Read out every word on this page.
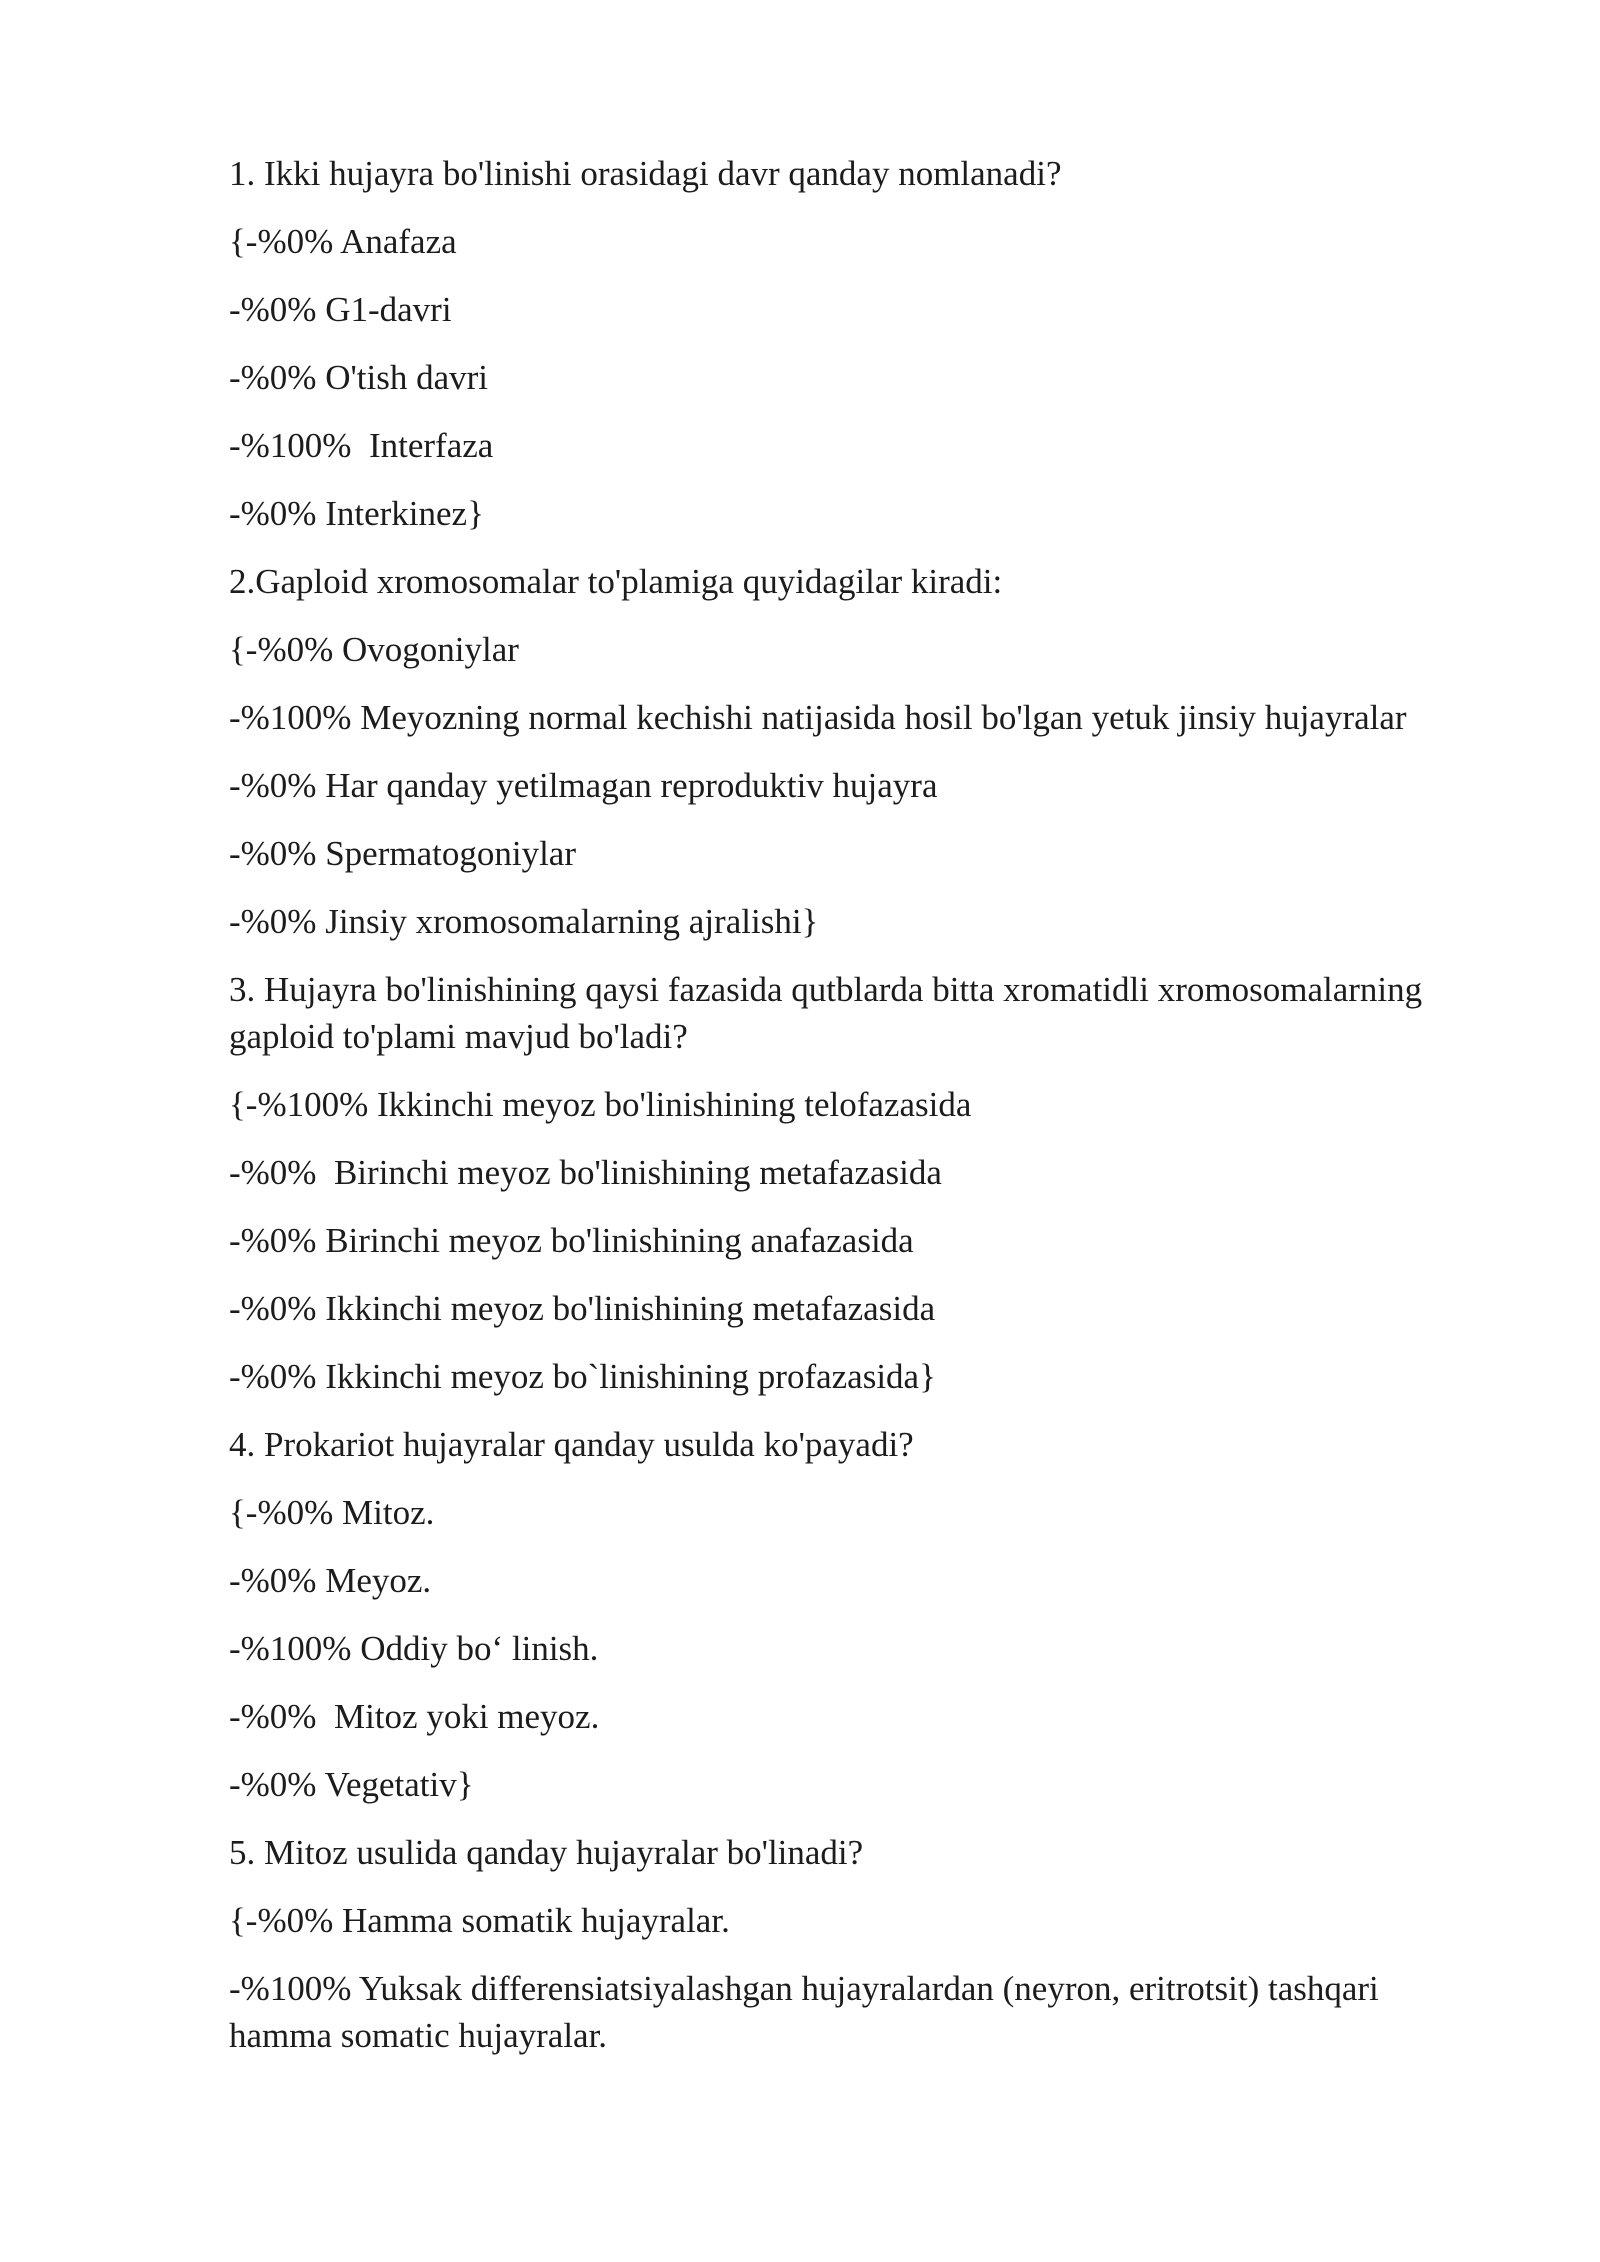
1. Ikki hujayra bo'linishi orasidagi davr qanday nomlanadi?

{-%0% Anafaza

-%0% G1-davri

-%0% O'tish davri

-%100%  Interfaza

-%0% Interkinez}

2.Gaploid xromosomalar to'plamiga quyidagilar kiradi:

{-%0% Ovogoniylar

-%100% Meyozning normal kechishi natijasida hosil bo'lgan yetuk jinsiy hujayralar

-%0% Har qanday yetilmagan reproduktiv hujayra

-%0% Spermatogoniylar

-%0% Jinsiy xromosomalarning ajralishi}

3. Hujayra bo'linishining qaysi fazasida qutblarda bitta xromatidli xromosomalarning gaploid to'plami mavjud bo'ladi?

{-%100% Ikkinchi meyoz bo'linishining telofazasida

-%0%  Birinchi meyoz bo'linishining metafazasida

-%0% Birinchi meyoz bo'linishining anafazasida

-%0% Ikkinchi meyoz bo'linishining metafazasida

-%0% Ikkinchi meyoz bo`linishining profazasida}

4. Prokariot hujayralar qanday usulda ko'payadi?

{-%0% Mitoz.

-%0% Meyoz.

-%100% Oddiy bo‘ linish.

-%0%  Mitoz yoki meyoz.

-%0% Vegetativ}

5. Mitoz usulida qanday hujayralar bo'linadi?

{-%0% Hamma somatik hujayralar.

-%100% Yuksak differensiatsiyalashgan hujayralardan (neyron, eritrotsit) tashqari hamma somatic hujayralar.
